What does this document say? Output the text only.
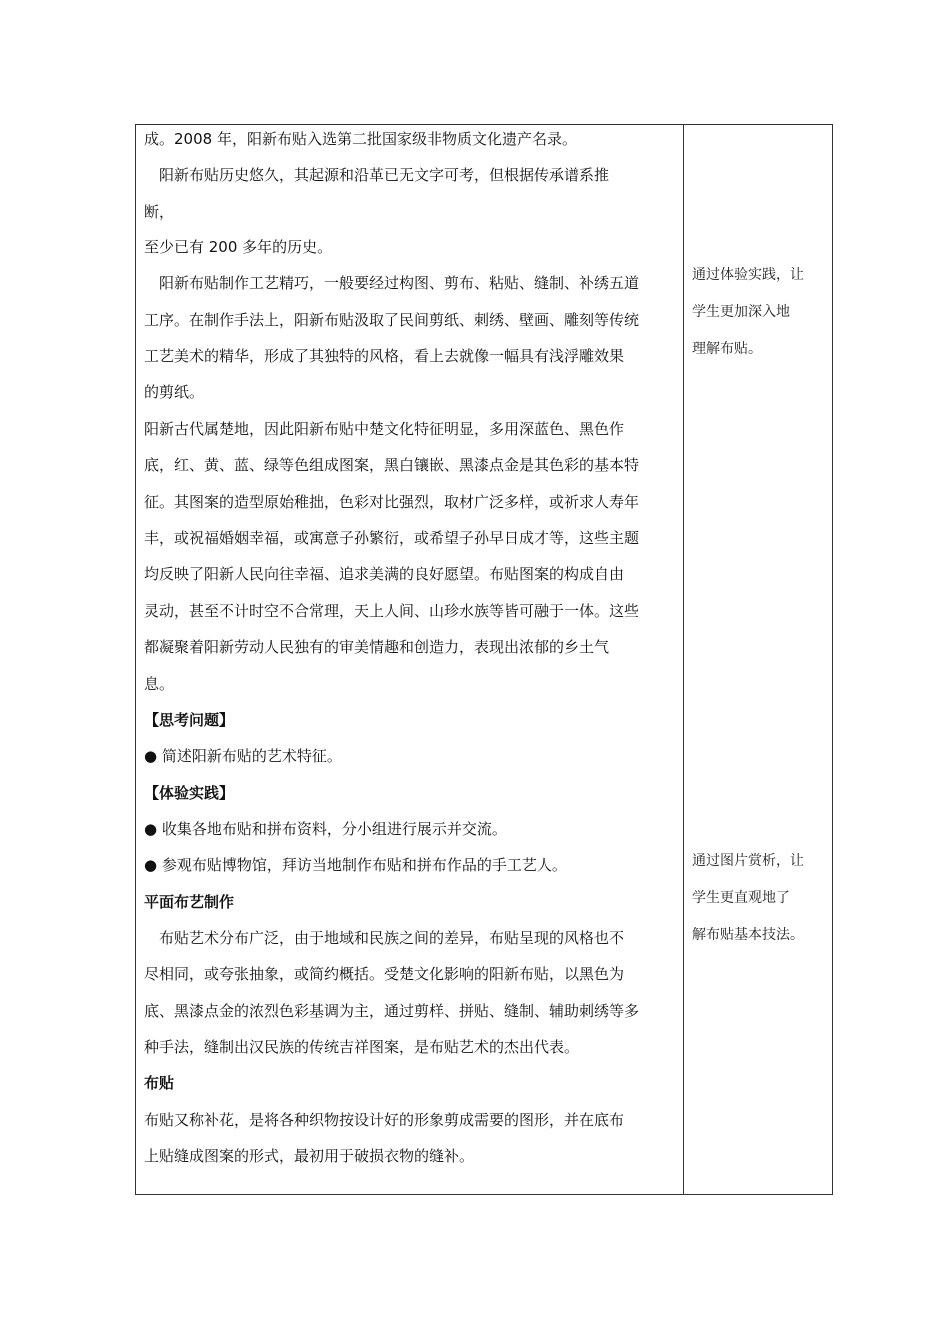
成。2008 年，阳新布贴入选第二批国家级非物质文化遗产名录。
　阳新布贴历史悠久，其起源和沿革已无文字可考，但根据传承谱系推
断，
至少已有 200 多年的历史。
　阳新布贴制作工艺精巧，一般要经过构图、剪布、粘贴、缝制、补绣五道
工序。在制作手法上，阳新布贴汲取了民间剪纸、刺绣、壁画、雕刻等传统
工艺美术的精华，形成了其独特的风格，看上去就像一幅具有浅浮雕效果
的剪纸。
阳新古代属楚地，因此阳新布贴中楚文化特征明显，多用深蓝色、黑色作
底，红、黄、蓝、绿等色组成图案，黑白镶嵌、黑漆点金是其色彩的基本特
征。其图案的造型原始稚拙，色彩对比强烈，取材广泛多样，或祈求人寿年
丰，或祝福婚姻幸福，或寓意子孙繁衍，或希望子孙早日成才等，这些主题
均反映了阳新人民向往幸福、追求美满的良好愿望。布贴图案的构成自由
灵动，甚至不计时空不合常理，天上人间、山珍水族等皆可融于一体。这些
都凝聚着阳新劳动人民独有的审美情趣和创造力，表现出浓郁的乡土气
息。
【思考问题】
● 简述阳新布贴的艺术特征。
【体验实践】
● 收集各地布贴和拼布资料，分小组进行展示并交流。
● 参观布贴博物馆，拜访当地制作布贴和拼布作品的手工艺人。
平面布艺制作
　布贴艺术分布广泛，由于地域和民族之间的差异，布贴呈现的风格也不
尽相同，或夸张抽象，或简约概括。受楚文化影响的阳新布贴，以黑色为
底、黑漆点金的浓烈色彩基调为主，通过剪样、拼贴、缝制、辅助刺绣等多
种手法，缝制出汉民族的传统吉祥图案，是布贴艺术的杰出代表。
布贴
布贴又称补花，是将各种织物按设计好的形象剪成需要的图形，并在底布
上贴缝成图案的形式，最初用于破损衣物的缝补。
通过体验实践，让
学生更加深入地
理解布贴。
通过图片赏析，让
学生更直观地了
解布贴基本技法。
